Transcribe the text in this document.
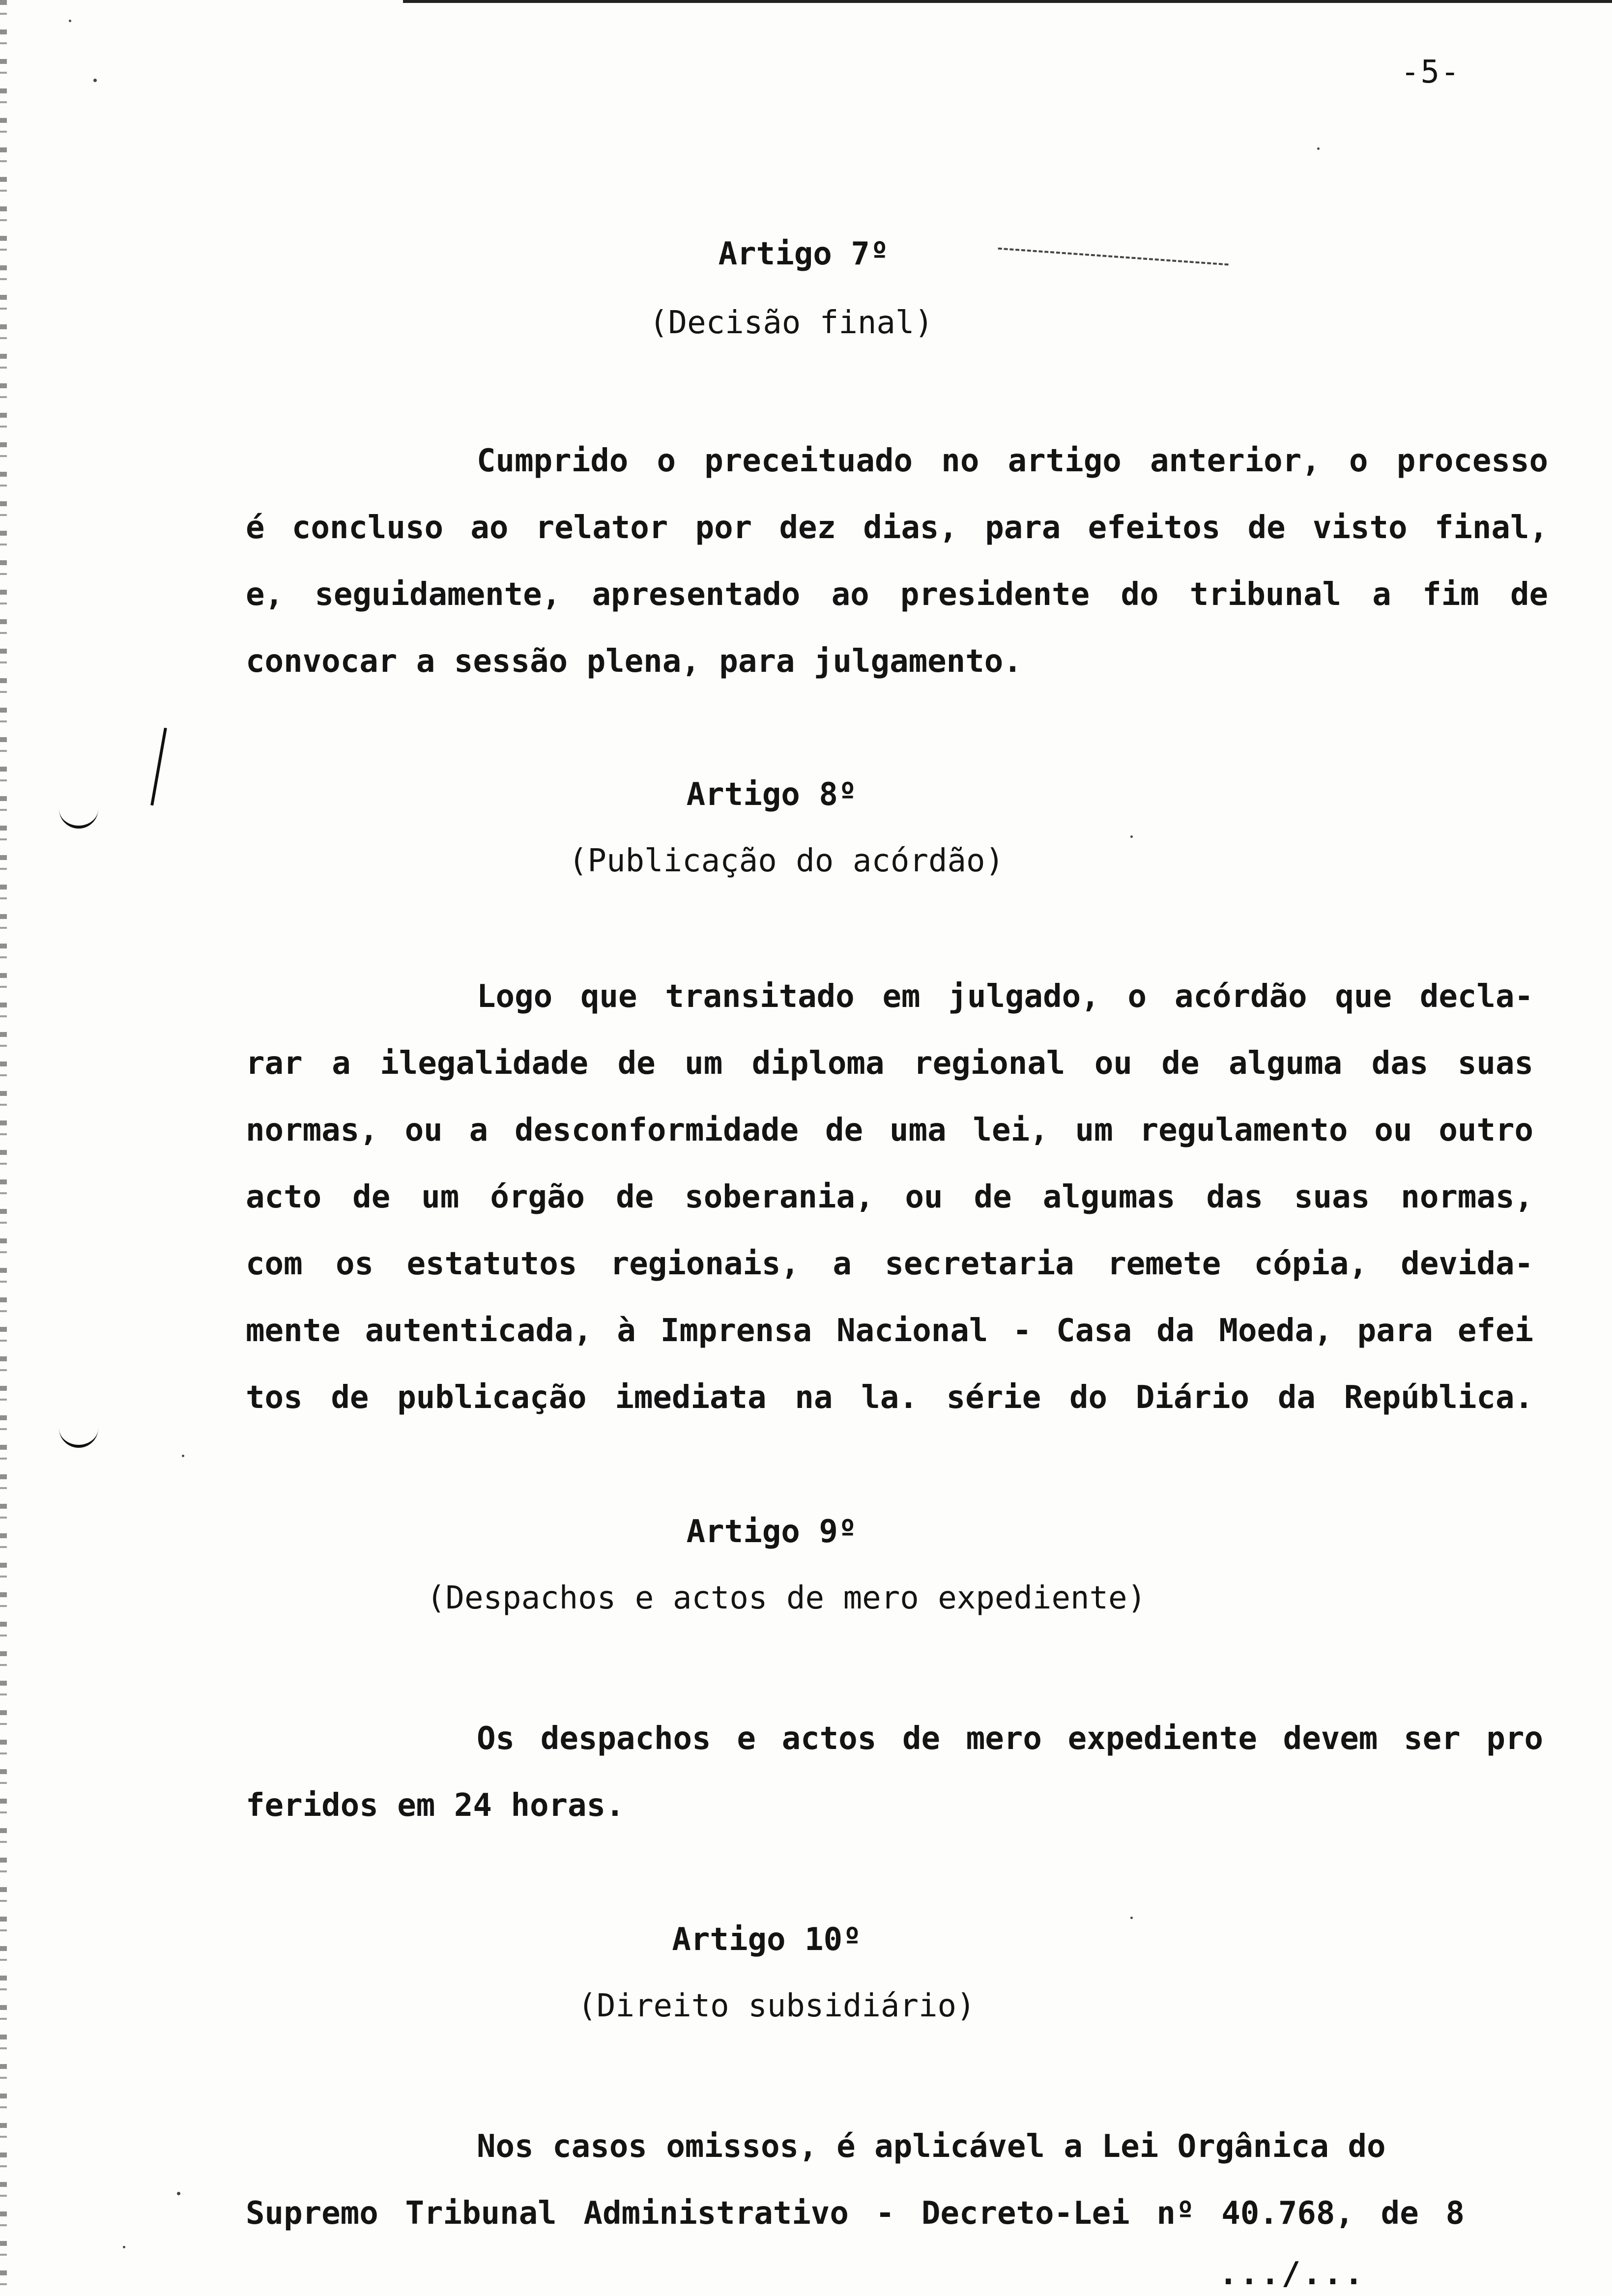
-5-
Artigo 7º
(Decisão final)
Cumprido o preceituado no artigo anterior, o processo
é concluso ao relator por dez dias, para efeitos de visto final,
e, seguidamente, apresentado ao presidente do tribunal a fim de
convocar a sessão plena, para julgamento.
Artigo 8º
(Publicação do acórdão)
Logo que transitado em julgado, o acórdão que decla-
rar a ilegalidade de um diploma regional ou de alguma das suas
normas, ou a desconformidade de uma lei, um regulamento ou outro
acto de um órgão de soberania, ou de algumas das suas normas,
com os estatutos regionais, a secretaria remete cópia, devida-
mente autenticada, à Imprensa Nacional - Casa da Moeda, para efei
tos de publicação imediata na la. série do Diário da República.
Artigo 9º
(Despachos e actos de mero expediente)
Os despachos e actos de mero expediente devem ser pro
feridos em 24 horas.
Artigo 10º
(Direito subsidiário)
Nos casos omissos, é aplicável a Lei Orgânica do
Supremo Tribunal Administrativo - Decreto-Lei nº 40.768, de 8
.../...
